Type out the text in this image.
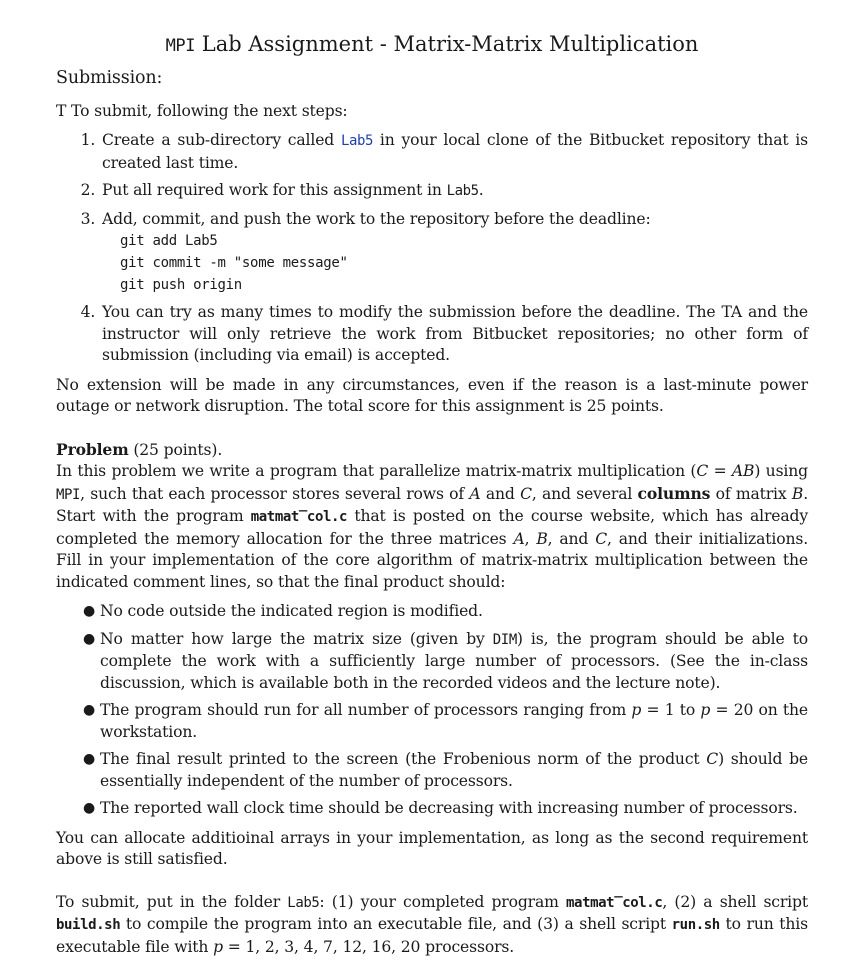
MPI Lab Assignment - Matrix-Matrix Multiplication
Submission:

T To submit, following the next steps:

1. Create a sub-directory called Lab5 in your local clone of the Bitbucket repository that is created last time.
2. Put all required work for this assignment in Lab5.
3. Add, commit, and push the work to the repository before the deadline:
git add Lab5
git commit -m "some message"
git push origin
4. You can try as many times to modify the submission before the deadline. The TA and the instructor will only retrieve the work from Bitbucket repositories; no other form of submission (including via email) is accepted.

No extension will be made in any circumstances, even if the reason is a last-minute power outage or network disruption. The total score for this assignment is 25 points.

Problem (25 points).
In this problem we write a program that parallelize matrix-matrix multiplication (C = AB) using MPI, such that each processor stores several rows of A and C, and several columns of matrix B. Start with the program matmat‾col.c that is posted on the course website, which has already completed the memory allocation for the three matrices A, B, and C, and their initializations. Fill in your implementation of the core algorithm of matrix-matrix multiplication between the indicated comment lines, so that the final product should:

● No code outside the indicated region is modified.
● No matter how large the matrix size (given by DIM) is, the program should be able to complete the work with a sufficiently large number of processors. (See the in-class discussion, which is available both in the recorded videos and the lecture note).
● The program should run for all number of processors ranging from p = 1 to p = 20 on the workstation.
● The final result printed to the screen (the Frobenious norm of the product C) should be essentially independent of the number of processors.
● The reported wall clock time should be decreasing with increasing number of processors.

You can allocate additioinal arrays in your implementation, as long as the second requirement above is still satisfied.

To submit, put in the folder Lab5: (1) your completed program matmat‾col.c, (2) a shell script build.sh to compile the program into an executable file, and (3) a shell script run.sh to run this executable file with p = 1, 2, 3, 4, 7, 12, 16, 20 processors.
